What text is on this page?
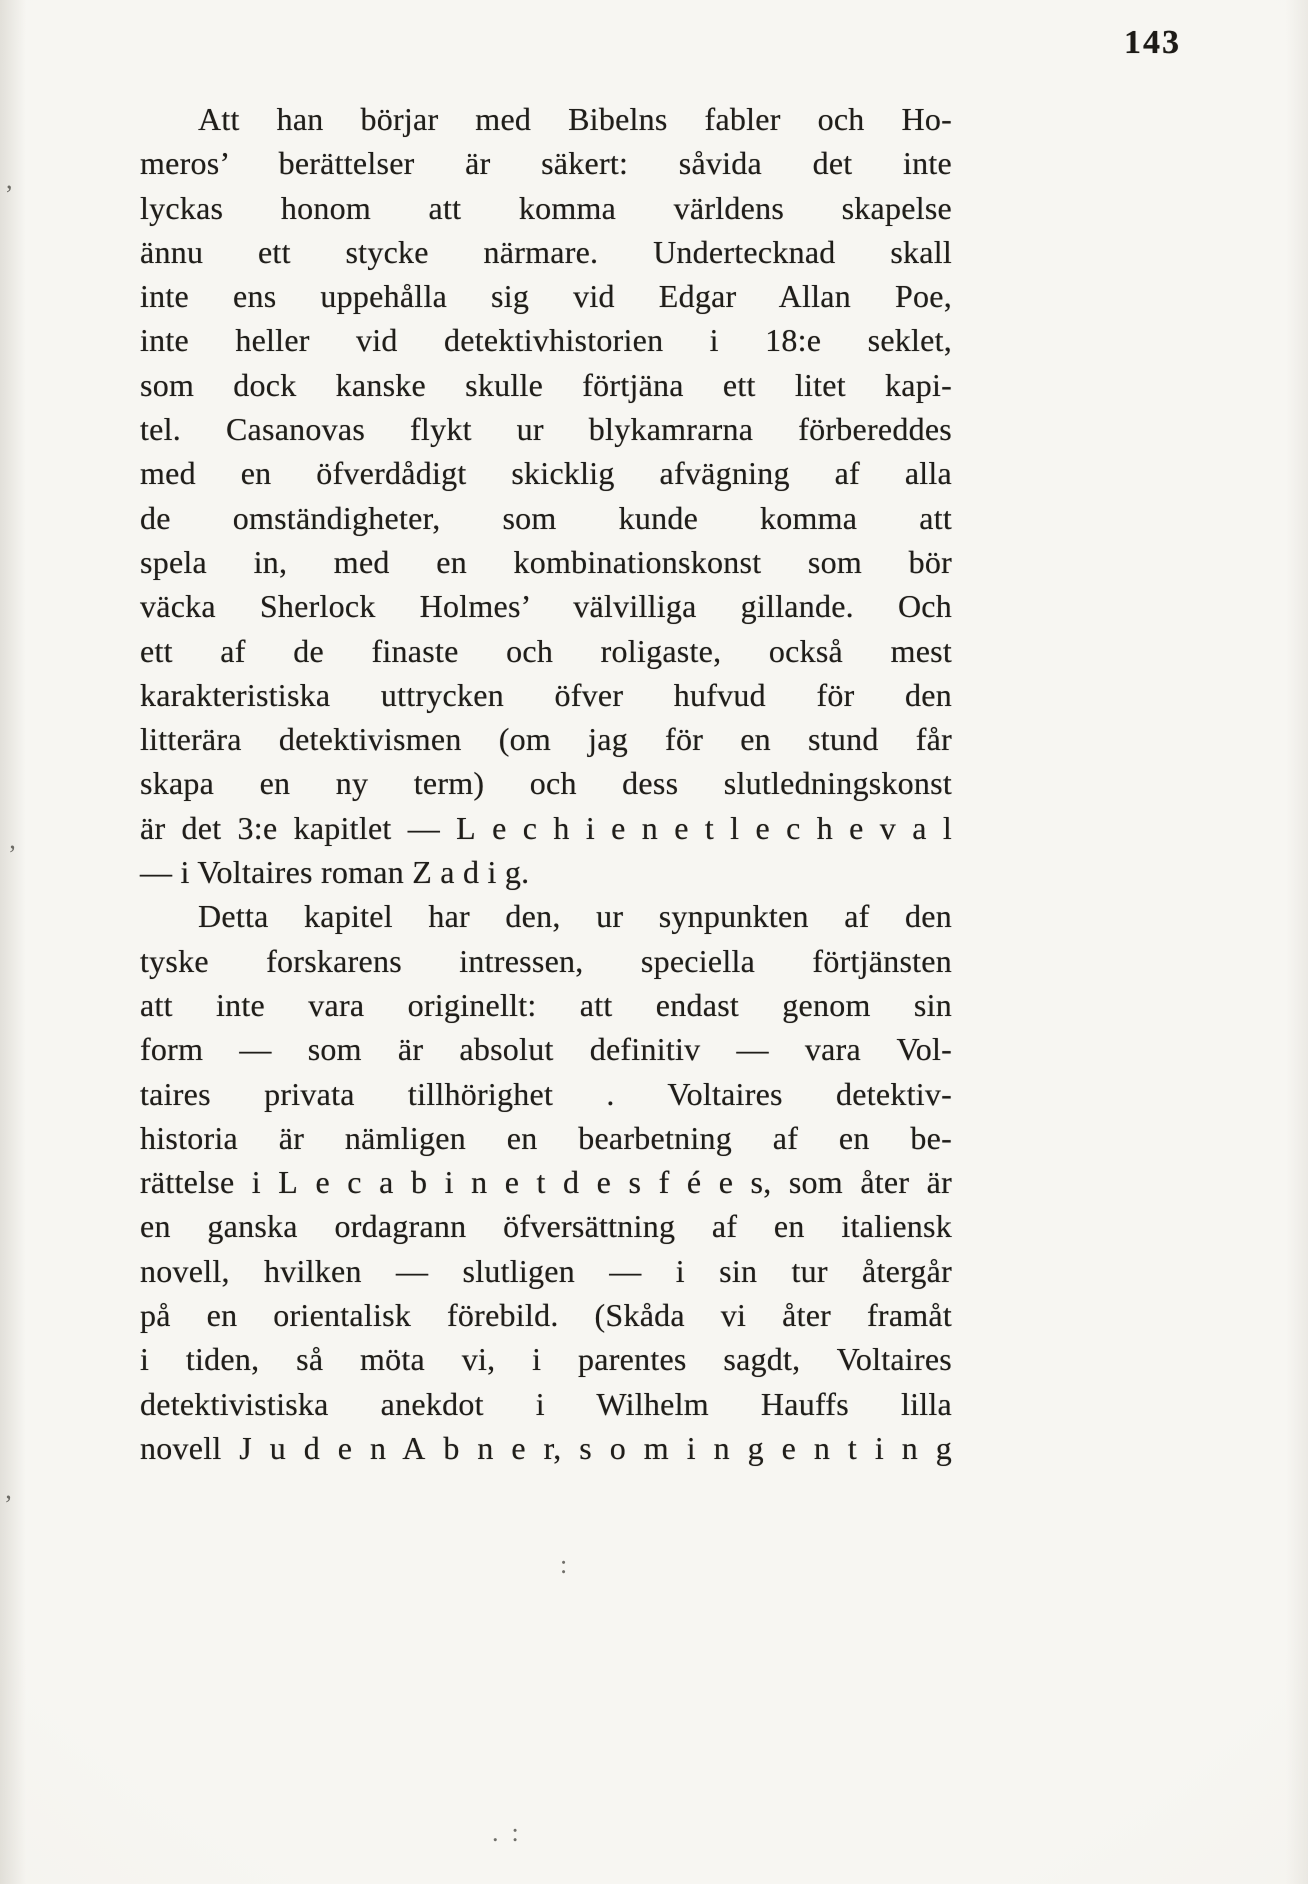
143
Att han börjar med Bibelns fabler och Ho-
meros’ berättelser är säkert: såvida det inte
lyckas honom att komma världens skapelse
ännu ett stycke närmare. Undertecknad skall
inte ens uppehålla sig vid Edgar Allan Poe,
inte heller vid detektivhistorien i 18:e seklet,
som dock kanske skulle förtjäna ett litet kapi-
tel. Casanovas flykt ur blykamrarna förbereddes
med en öfverdådigt skicklig afvägning af alla
de omständigheter, som kunde komma att
spela in, med en kombinationskonst som bör
väcka Sherlock Holmes’ välvilliga gillande. Och
ett af de finaste och roligaste, också mest
karakteristiska uttrycken öfver hufvud för den
litterära detektivismen (om jag för en stund får
skapa en ny term) och dess slutledningskonst
är det 3:e kapitlet — L e c h i e n e t l e c h e v a l
— i Voltaires roman Z a d i g.
Detta kapitel har den, ur synpunkten af den
tyske forskarens intressen, speciella förtjänsten
att inte vara originellt: att endast genom sin
form — som är absolut definitiv — vara Vol-
taires privata tillhörighet . Voltaires detektiv-
historia är nämligen en bearbetning af en be-
rättelse i L e c a b i n e t d e s f é e s, som åter är
en ganska ordagrann öfversättning af en italiensk
novell, hvilken — slutligen — i sin tur återgår
på en orientalisk förebild. (Skåda vi åter framåt
i tiden, så möta vi, i parentes sagdt, Voltaires
detektivistiska anekdot i Wilhelm Hauffs lilla
novell J u d e n A b n e r, s o m i n g e n t i n g
,
’
’
:
.  :
